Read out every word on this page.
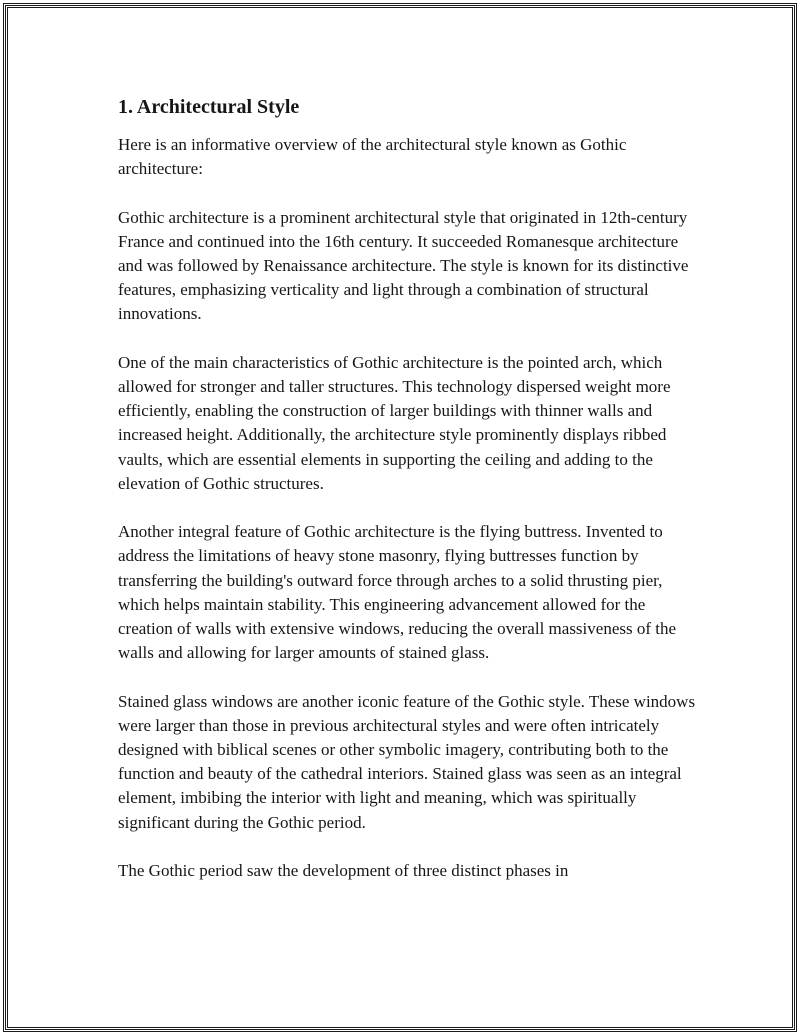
1. Architectural Style

Here is an informative overview of the architectural style known as Gothic architecture:

Gothic architecture is a prominent architectural style that originated in 12th-century France and continued into the 16th century. It succeeded Romanesque architecture and was followed by Renaissance architecture. The style is known for its distinctive features, emphasizing verticality and light through a combination of structural innovations.

One of the main characteristics of Gothic architecture is the pointed arch, which allowed for stronger and taller structures. This technology dispersed weight more efficiently, enabling the construction of larger buildings with thinner walls and increased height. Additionally, the architecture style prominently displays ribbed vaults, which are essential elements in supporting the ceiling and adding to the elevation of Gothic structures.

Another integral feature of Gothic architecture is the flying buttress. Invented to address the limitations of heavy stone masonry, flying buttresses function by transferring the building's outward force through arches to a solid thrusting pier, which helps maintain stability. This engineering advancement allowed for the creation of walls with extensive windows, reducing the overall massiveness of the walls and allowing for larger amounts of stained glass.

Stained glass windows are another iconic feature of the Gothic style. These windows were larger than those in previous architectural styles and were often intricately designed with biblical scenes or other symbolic imagery, contributing both to the function and beauty of the cathedral interiors. Stained glass was seen as an integral element, imbibing the interior with light and meaning, which was spiritually significant during the Gothic period.

The Gothic period saw the development of three distinct phases in
